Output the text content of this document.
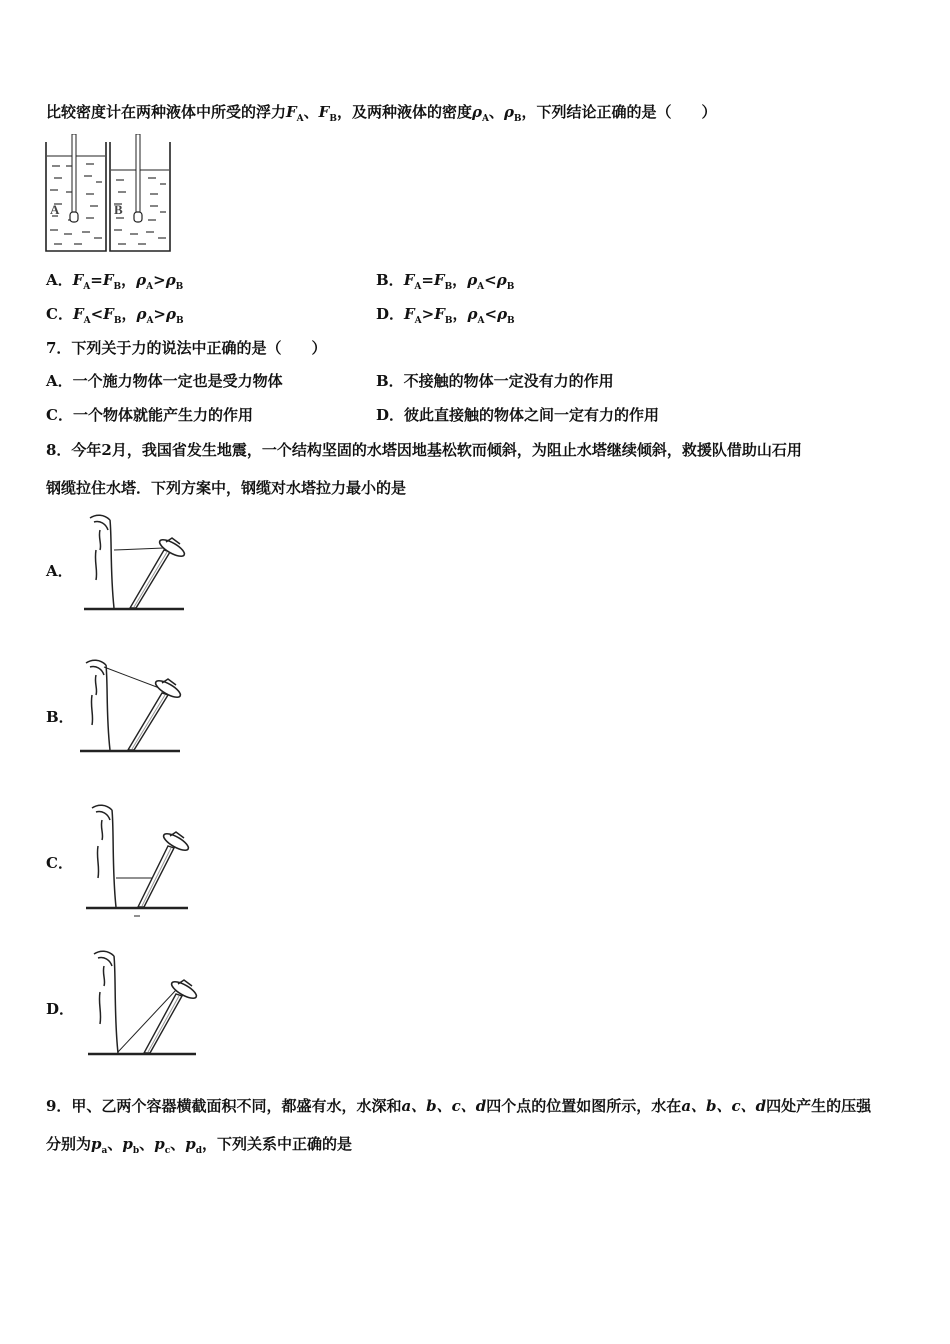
比较密度计在两种液体中所受的浮力$F_A$、$F_B$，及两种液体的密度$\rho_A$、$\rho_B$，下列结论正确的是（　　）
A	B
A．$F_A=F_B$，$\rho_A>\rho_B$	B．$F_A=F_B$，$\rho_A<\rho_B$
C．$F_A<F_B$，$\rho_A>\rho_B$	D．$F_A>F_B$，$\rho_A<\rho_B$
7．下列关于力的说法中正确的是（　　）
A．一个施力物体一定也是受力物体	B．不接触的物体一定没有力的作用
C．一个物体就能产生力的作用	D．彼此直接触的物体之间一定有力的作用
8．今年2月，我国省发生地震，一个结构坚固的水塔因地基松软而倾斜，为阻止水塔继续倾斜，救援队借助山石用
钢缆拉住水塔．下列方案中，钢缆对水塔拉力最小的是
A．
B．
C．
D．
9．甲、乙两个容器横截面积不同，都盛有水，水深和a、b、c、d四个点的位置如图所示，水在a、b、c、d四处产生的压强
分别为$p_a$、$p_b$、$p_c$、$p_d$，下列关系中正确的是
